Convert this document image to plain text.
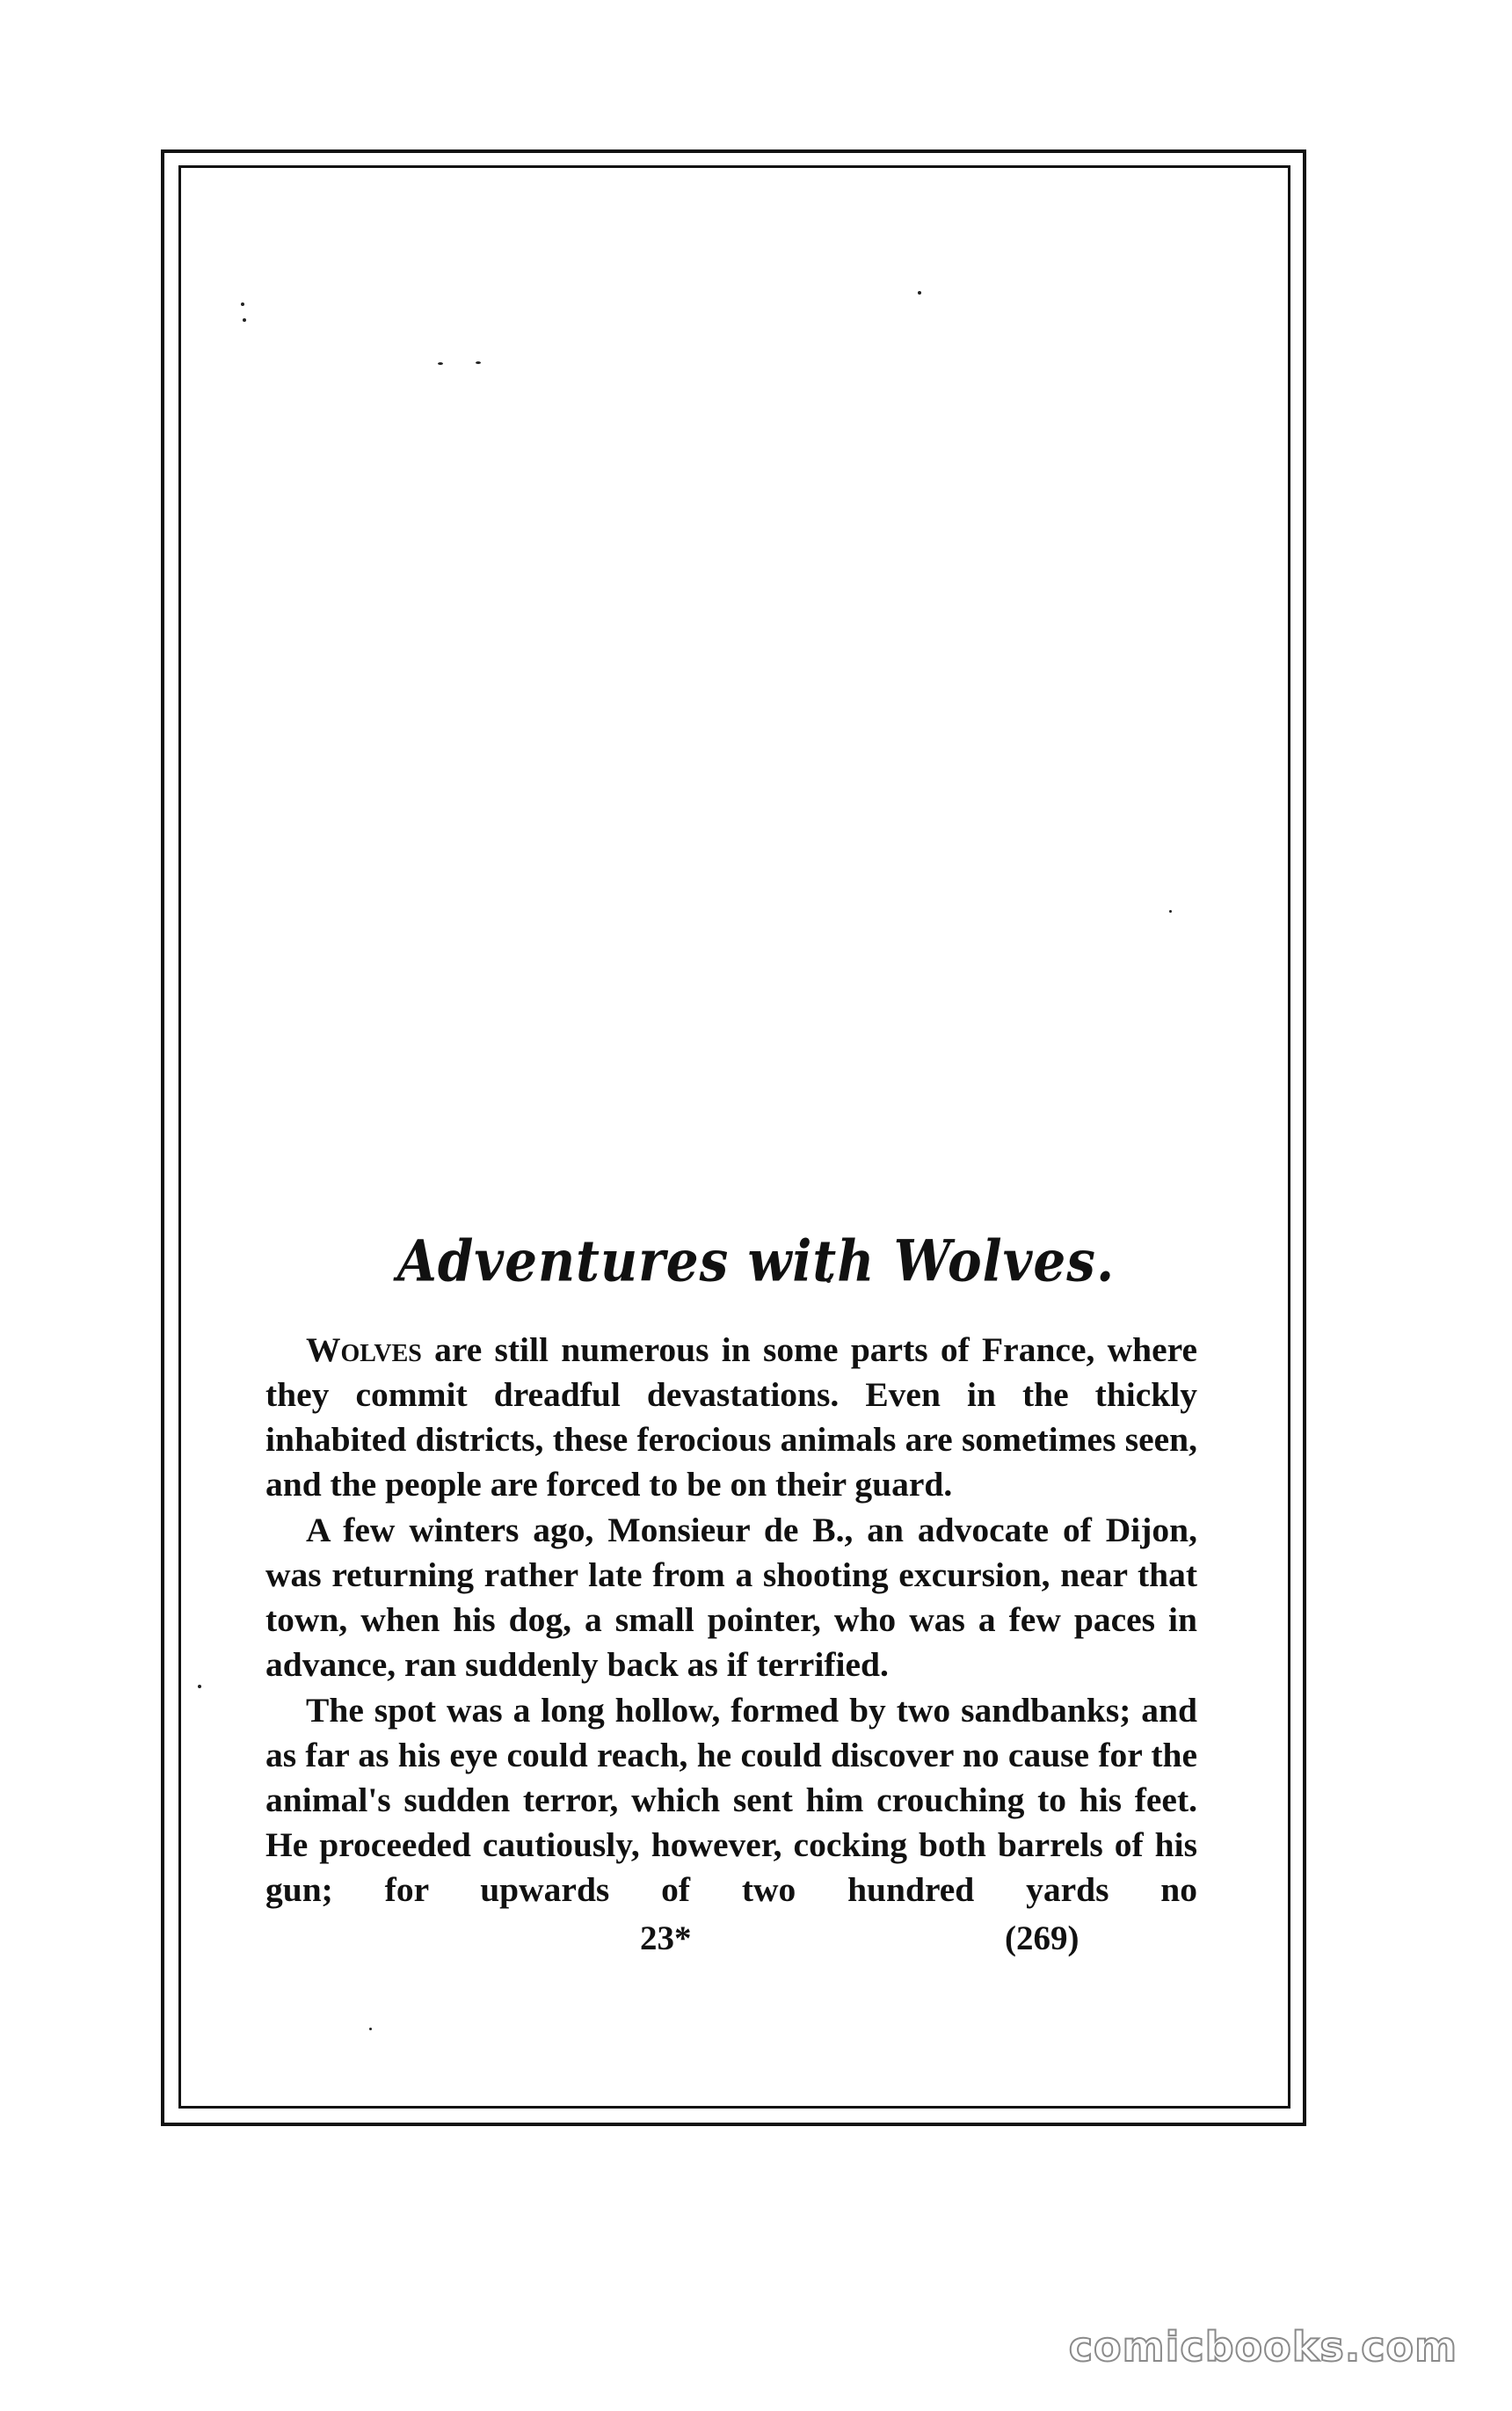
Adventures with Wolves.

Wolves are still numerous in some parts of France, where they commit dreadful devastations. Even in the thickly inhabited districts, these ferocious animals are sometimes seen, and the people are forced to be on their guard.

A few winters ago, Monsieur de B., an advocate of Dijon, was returning rather late from a shooting excursion, near that town, when his dog, a small pointer, who was a few paces in advance, ran suddenly back as if terrified.

The spot was a long hollow, formed by two sandbanks; and as far as his eye could reach, he could discover no cause for the animal's sudden terror, which sent him crouching to his feet. He proceeded cautiously, however, cocking both barrels of his gun; for upwards of two hundred yards no

23*	(269)
comicbooks.com
